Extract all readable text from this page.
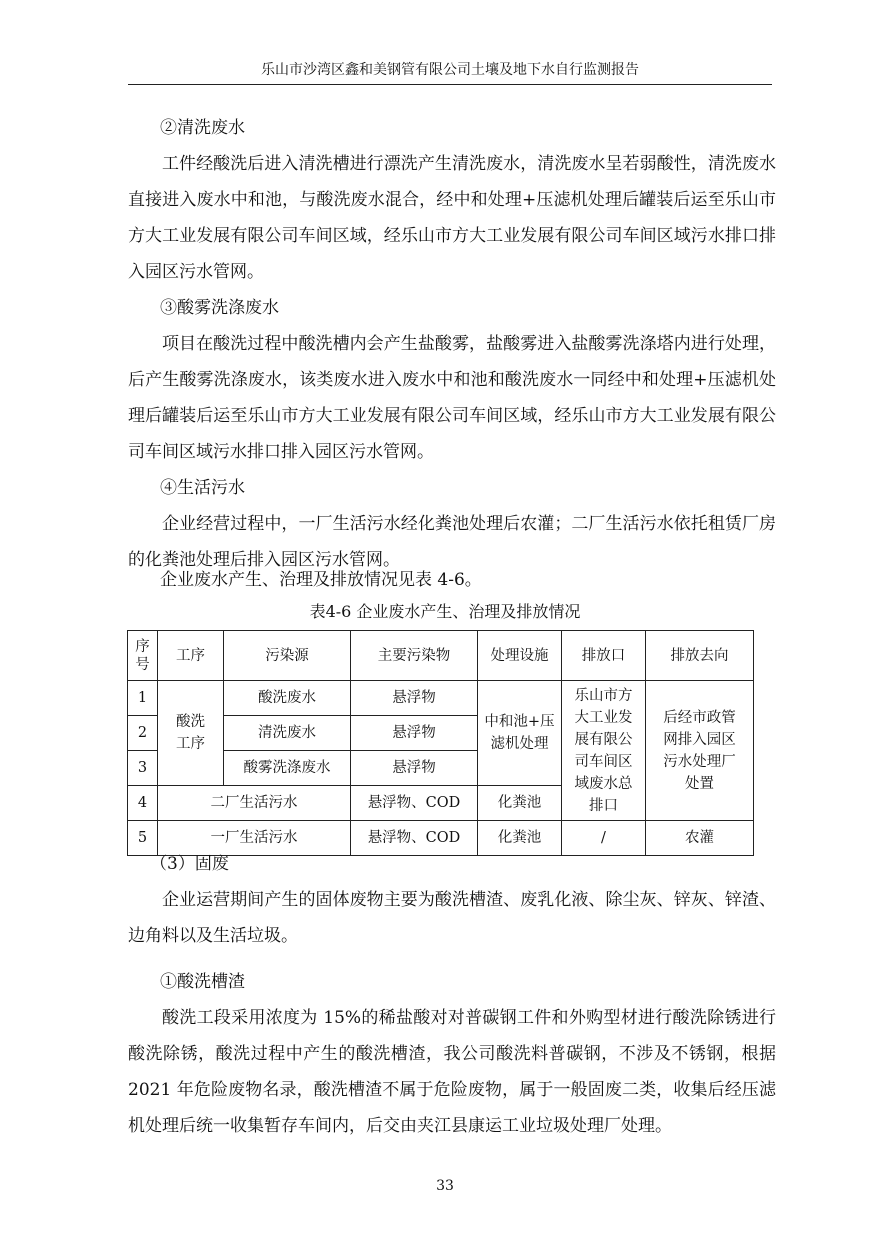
乐山市沙湾区鑫和美钢管有限公司土壤及地下水自行监测报告

②清洗废水

工件经酸洗后进入清洗槽进行漂洗产生清洗废水，清洗废水呈若弱酸性，清洗废水直接进入废水中和池，与酸洗废水混合，经中和处理+压滤机处理后罐装后运至乐山市方大工业发展有限公司车间区域，经乐山市方大工业发展有限公司车间区域污水排口排入园区污水管网。

③酸雾洗涤废水

项目在酸洗过程中酸洗槽内会产生盐酸雾，盐酸雾进入盐酸雾洗涤塔内进行处理，后产生酸雾洗涤废水，该类废水进入废水中和池和酸洗废水一同经中和处理+压滤机处理后罐装后运至乐山市方大工业发展有限公司车间区域，经乐山市方大工业发展有限公司车间区域污水排口排入园区污水管网。

④生活污水

企业经营过程中，一厂生活污水经化粪池处理后农灌；二厂生活污水依托租赁厂房的化粪池处理后排入园区污水管网。

企业废水产生、治理及排放情况见表 4-6。

表4-6 企业废水产生、治理及排放情况
序号	工序	污染源	主要污染物	处理设施	排放口	排放去向
1	酸洗工序	酸洗废水	悬浮物	中和池+压滤机处理	乐山市方大工业发展有限公司车间区域废水总排口	后经市政管网排入园区污水处理厂处置
2		清洗废水	悬浮物			
3		酸雾洗涤废水	悬浮物			
4	二厂生活污水		悬浮物、COD	化粪池		
5	一厂生活污水		悬浮物、COD	化粪池	/	农灌

（3）固废

企业运营期间产生的固体废物主要为酸洗槽渣、废乳化液、除尘灰、锌灰、锌渣、边角料以及生活垃圾。

①酸洗槽渣

酸洗工段采用浓度为 15%的稀盐酸对对普碳钢工件和外购型材进行酸洗除锈进行酸洗除锈，酸洗过程中产生的酸洗槽渣，我公司酸洗料普碳钢，不涉及不锈钢，根据 2021 年危险废物名录，酸洗槽渣不属于危险废物，属于一般固废二类，收集后经压滤机处理后统一收集暂存车间内，后交由夹江县康运工业垃圾处理厂处理。

33
